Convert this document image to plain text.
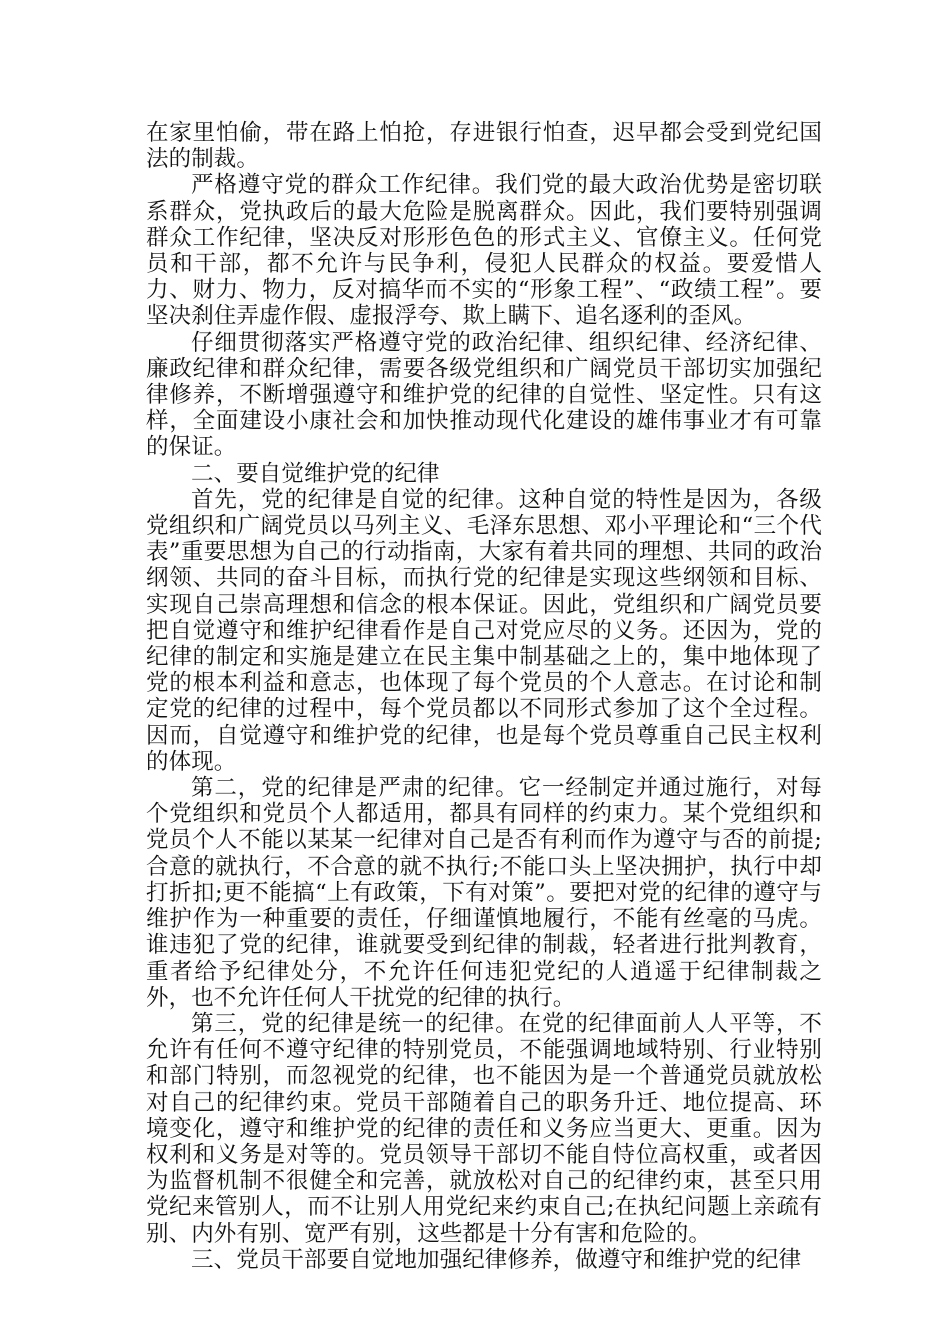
在家里怕偷，带在路上怕抢，存进银行怕查，迟早都会受到党纪国法的制裁。

严格遵守党的群众工作纪律。我们党的最大政治优势是密切联系群众，党执政后的最大危险是脱离群众。因此，我们要特别强调群众工作纪律，坚决反对形形色色的形式主义、官僚主义。任何党员和干部，都不允许与民争利，侵犯人民群众的权益。要爱惜人力、财力、物力，反对搞华而不实的“形象工程”、“政绩工程”。要坚决刹住弄虚作假、虚报浮夸、欺上瞒下、追名逐利的歪风。

仔细贯彻落实严格遵守党的政治纪律、组织纪律、经济纪律、廉政纪律和群众纪律，需要各级党组织和广阔党员干部切实加强纪律修养，不断增强遵守和维护党的纪律的自觉性、坚定性。只有这样，全面建设小康社会和加快推动现代化建设的雄伟事业才有可靠的保证。

二、要自觉维护党的纪律

首先，党的纪律是自觉的纪律。这种自觉的特性是因为，各级党组织和广阔党员以马列主义、毛泽东思想、邓小平理论和“三个代表”重要思想为自己的行动指南，大家有着共同的理想、共同的政治纲领、共同的奋斗目标，而执行党的纪律是实现这些纲领和目标、实现自己崇高理想和信念的根本保证。因此，党组织和广阔党员要把自觉遵守和维护纪律看作是自己对党应尽的义务。还因为，党的纪律的制定和实施是建立在民主集中制基础之上的，集中地体现了党的根本利益和意志，也体现了每个党员的个人意志。在讨论和制定党的纪律的过程中，每个党员都以不同形式参加了这个全过程。因而，自觉遵守和维护党的纪律，也是每个党员尊重自己民主权利的体现。

第二，党的纪律是严肃的纪律。它一经制定并通过施行，对每个党组织和党员个人都适用，都具有同样的约束力。某个党组织和党员个人不能以某某一纪律对自己是否有利而作为遵守与否的前提;合意的就执行，不合意的就不执行;不能口头上坚决拥护，执行中却打折扣;更不能搞“上有政策，下有对策”。要把对党的纪律的遵守与维护作为一种重要的责任，仔细谨慎地履行，不能有丝毫的马虎。谁违犯了党的纪律，谁就要受到纪律的制裁，轻者进行批判教育，重者给予纪律处分，不允许任何违犯党纪的人逍遥于纪律制裁之外，也不允许任何人干扰党的纪律的执行。

第三，党的纪律是统一的纪律。在党的纪律面前人人平等，不允许有任何不遵守纪律的特别党员，不能强调地域特别、行业特别和部门特别，而忽视党的纪律，也不能因为是一个普通党员就放松对自己的纪律约束。党员干部随着自己的职务升迁、地位提高、环境变化，遵守和维护党的纪律的责任和义务应当更大、更重。因为权利和义务是对等的。党员领导干部切不能自恃位高权重，或者因为监督机制不很健全和完善，就放松对自己的纪律约束，甚至只用党纪来管别人，而不让别人用党纪来约束自己;在执纪问题上亲疏有别、内外有别、宽严有别，这些都是十分有害和危险的。

三、党员干部要自觉地加强纪律修养，做遵守和维护党的纪律
